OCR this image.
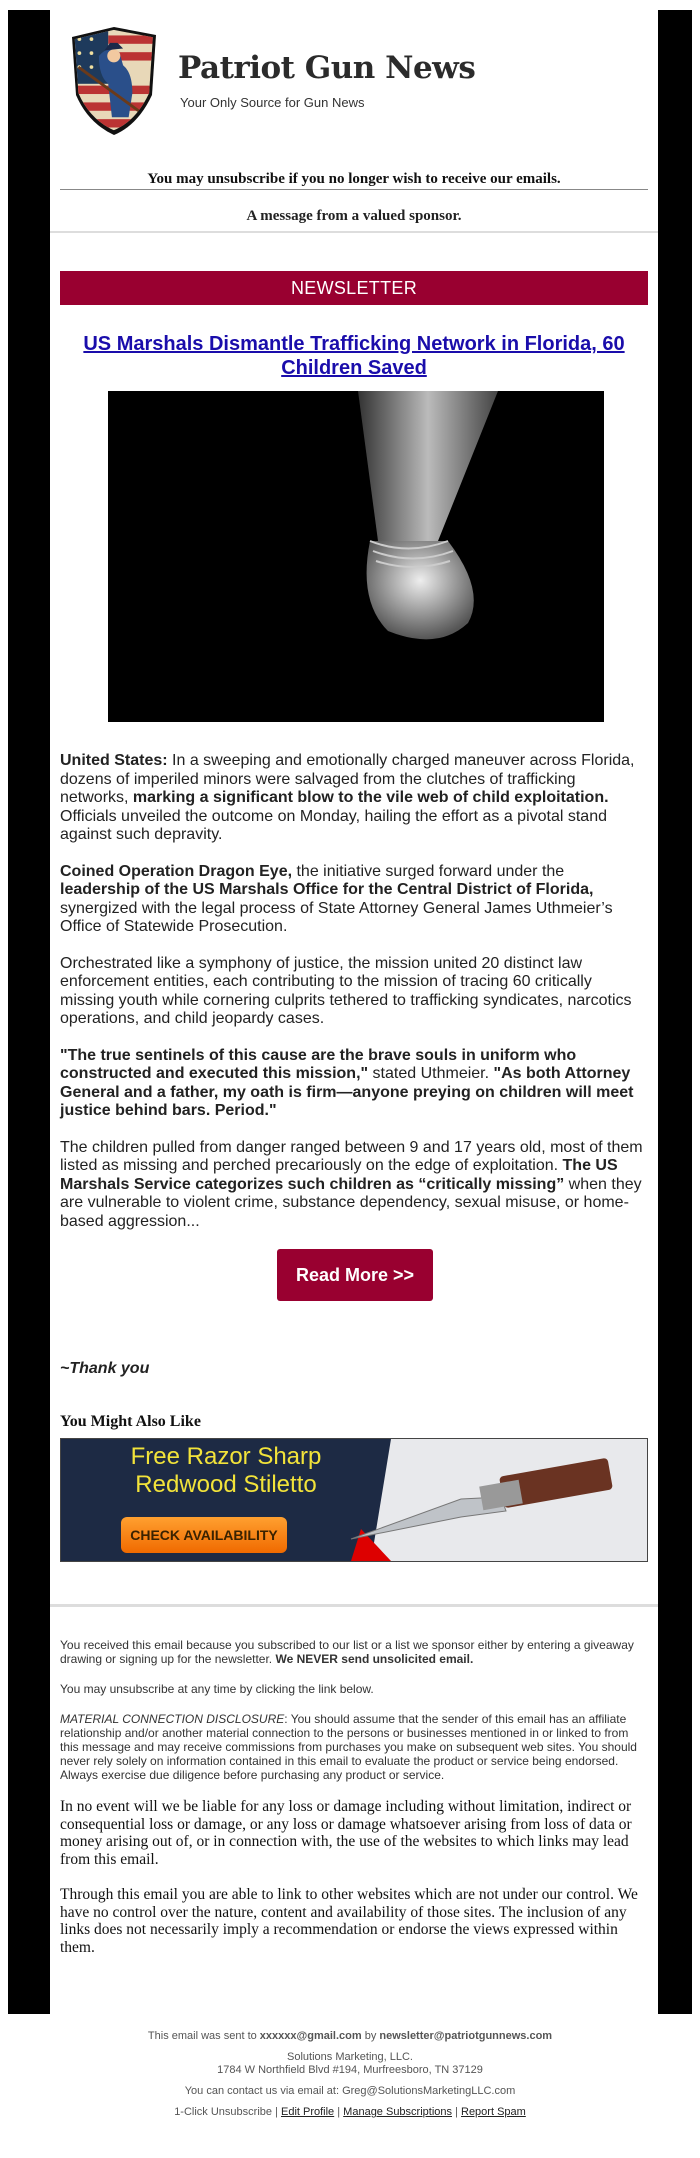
Patriot Gun News
Your Only Source for Gun News
You may unsubscribe if you no longer wish to receive our emails.
A message from a valued sponsor.
NEWSLETTER
US Marshals Dismantle Trafficking Network in Florida, 60 Children Saved

United States: In a sweeping and emotionally charged maneuver across Florida, dozens of imperiled minors were salvaged from the clutches of trafficking networks, marking a significant blow to the vile web of child exploitation. Officials unveiled the outcome on Monday, hailing the effort as a pivotal stand against such depravity.

Coined Operation Dragon Eye, the initiative surged forward under the leadership of the US Marshals Office for the Central District of Florida, synergized with the legal process of State Attorney General James Uthmeier’s Office of Statewide Prosecution.

Orchestrated like a symphony of justice, the mission united 20 distinct law enforcement entities, each contributing to the mission of tracing 60 critically missing youth while cornering culprits tethered to trafficking syndicates, narcotics operations, and child jeopardy cases.

"The true sentinels of this cause are the brave souls in uniform who constructed and executed this mission," stated Uthmeier. "As both Attorney General and a father, my oath is firm—anyone preying on children will meet justice behind bars. Period."

The children pulled from danger ranged between 9 and 17 years old, most of them listed as missing and perched precariously on the edge of exploitation. The US Marshals Service categorizes such children as “critically missing” when they are vulnerable to violent crime, substance dependency, sexual misuse, or home-based aggression...

Read More >>
~Thank you
You Might Also Like
Free Razor Sharp
Redwood Stiletto
CHECK AVAILABILITY

You received this email because you subscribed to our list or a list we sponsor either by entering a giveaway drawing or signing up for the newsletter. We NEVER send unsolicited email.

You may unsubscribe at any time by clicking the link below.

MATERIAL CONNECTION DISCLOSURE: You should assume that the sender of this email has an affiliate relationship and/or another material connection to the persons or businesses mentioned in or linked to from this message and may receive commissions from purchases you make on subsequent web sites. You should never rely solely on information contained in this email to evaluate the product or service being endorsed. Always exercise due diligence before purchasing any product or service.

In no event will we be liable for any loss or damage including without limitation, indirect or consequential loss or damage, or any loss or damage whatsoever arising from loss of data or money arising out of, or in connection with, the use of the websites to which links may lead from this email.

Through this email you are able to link to other websites which are not under our control. We have no control over the nature, content and availability of those sites. The inclusion of any links does not necessarily imply a recommendation or endorse the views expressed within them.

This email was sent to xxxxxx@gmail.com by newsletter@patriotgunnews.com

Solutions Marketing, LLC.
1784 W Northfield Blvd #194, Murfreesboro, TN 37129

You can contact us via email at: Greg@SolutionsMarketingLLC.com

1-Click Unsubscribe | Edit Profile | Manage Subscriptions | Report Spam
